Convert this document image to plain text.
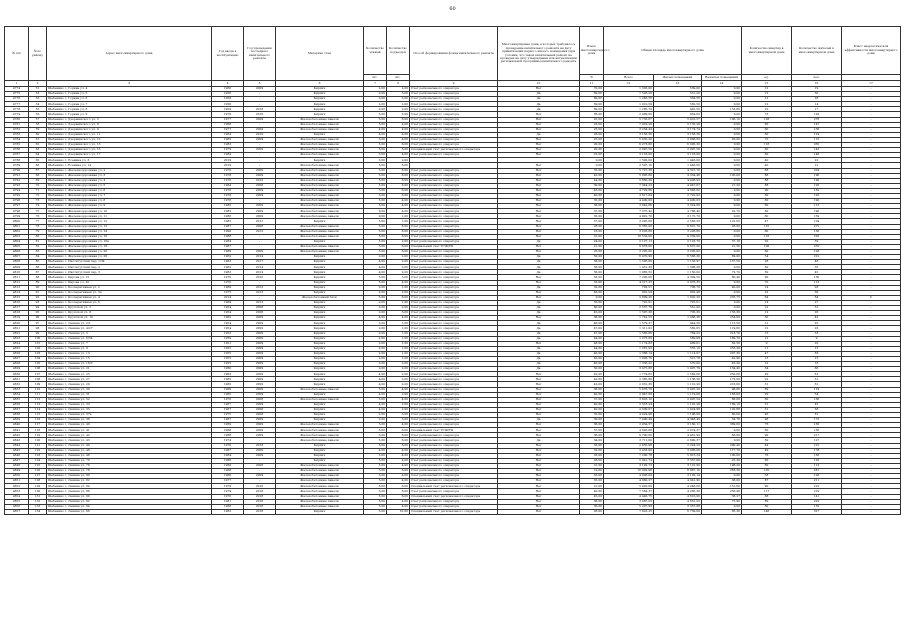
60
№ п/п	№ по району	Адрес многоквартирного дома	Год ввода в эксплуатацию	Год проведения последнего капитального ремонта	Материал стен	Количество этажей	Количество подъездов	Способ формирования фонда капитального ремонта	Многоквартирные дома, в которых требовалось проведение капитального ремонта на дату приватизации первого жилого помещения (при условии, что такой капитальный ремонт не проведен на дату утверждения или актуализации региональной программы капитального ремонта	Износ многоквартирного дома	Общая площадь многоквартирного дома			Количество квартир в многоквартирном доме	Количество жителей в многоквартирном доме	Класс энергетической эффективности многоквартирного дома
						шт.	шт.			%	Всего	Жилых помещений	Нежилых помещений	ед.	чел.	
1	2	3	4	5	6	7	8	9	10	11	12	13	14	15	16	17
4774	51	Шебекино г, Горина ул, 4	1960	2009	Кирпич	2,00	2,00	Счет регионального оператора	Нет	70,00	1 305,00	539,00	0,00	12	19	-
4775	52	Шебекино г, Горина ул, 5	1956	-	Кирпич	2,00	3,00	Счет регионального оператора	Да	69,00	1 503,20	551,20	0,00	12	30	-
4776	53	Шебекино г, Горина ул, 6	1956	-	Кирпич	2,00	2,00	Счет регионального оператора	Да	69,00	1 246,56	584,56	0,00	12	28	-
4777	54	Шебекино г, Горина ул, 7	1956	-	Кирпич	2,00	2,00	Счет регионального оператора	Да	69,00	1 010,59	582,50	0,00	12	14	-
4778	55	Шебекино г, Горина ул, 8	1959	2018	Кирпич	2,00	2,00	Счет регионального оператора	Да	69,00	1 285,70	445,50	153,80	10	17	-
4779	56	Шебекино г, Горина ул, 9	1976	2016	Кирпич	3,00	2,00	Счет регионального оператора	Нет	36,00	2 489,00	954,00	0,00	73	120	-
4780	57	Шебекино г, Дзержинского ул, 5	1977	2009	Железобетонные панели	5,00	6,00	Счет регионального оператора	Нет	25,00	5 735,87	5 431,57	106,10	128	278	-
4781	58	Шебекино г, Дзержинского ул, 8	1968	-	Железобетонные панели	5,00	4,00	Счет регионального оператора	Нет	23,00	7 022,20	5 135,20	0,00	60	147	-
4782	59	Шебекино г, Дзержинского ул, 9	1977	2009	Железобетонные панели	4,00	4,00	Счет регионального оператора	Нет	23,00	3 234,44	3 174,74	0,00	60	136	-
4783	60	Шебекино г, Дзержинского ул, 11	1964	2010	Кирпич	4,00	4,00	Счет регионального оператора	Да	26,00	3 163,30	3 163,30	0,00	60	124	-
4784	61	Шебекино г, Дзержинского ул, 12	1965	2009	Железобетонные панели	5,00	4,00	Счет регионального оператора	Нет	25,00	5 035,20	3 998,83	26,00	70	115	-
4785	62	Шебекино г, Дзержинского ул, 13	1983	-	Железобетонные панели	5,00	6,00	Счет регионального оператора	Нет	20,00	6 273,60	6 095,30	0,00	118	265	-
4786	63	Шебекино г, Дзержинского ул, 15	1979	2009	Железобетонные панели	5,00	5,00	Специальный счет регионального оператора	Нет	20,00	2 097,50	2 097,50	0,00	60	143	-
4787	64	Шебекино г, Дзержинского ул, 17	1984	-	Железобетонные панели	5,00	4,00	Счет регионального оператора	Нет	22,00	3 118,00	3 118,00	0,00	60	148	-
4788	65	Шебекино г, Есенина ул, 3	2019	-	Кирпич	3,00	2,00			0,00	1 592,00	1 446,00	0,00	40	22	-
4789	66	Шебекино г, Есенина ул, 14	2019	-	Железобетонные панели	5,00	6,00		Нет	0,00	2 597,10	1 446,00	0,00	40	12	-
4790	67	Шебекино г, Железнодорожная ул, 2	1976	2009	Железобетонные панели	5,00	6,00	Счет регионального оператора	Нет	33,00	5 727,36	4 321,70	0,00	88	204	-
4791	68	Шебекино г, Железнодорожная ул, 3	1976	2009	Железобетонные панели	5,00	6,00	Счет регионального оператора	Нет	43,00	5 895,80	4 334,46	105,00	88	190	-
4792	69	Шебекино г, Железнодорожная ул, 4	1976	2010	Железобетонные панели	5,00	6,00	Счет регионального оператора	Нет	44,00	5 860,39	4 408,93	0,00	88	190	-
4793	70	Шебекино г, Железнодорожная ул, 5	1984	2008	Железобетонные панели	5,00	6,00	Счет регионального оператора	Нет	39,00	7 344,23	4 447,07	21,20	88	192	-
4794	71	Шебекино г, Железнодорожная ул, 6	1976	2009	Железобетонные панели	5,00	6,00	Счет регионального оператора	Нет	43,00	4 729,89	4 346,62	0,00	90	182	-
4795	72	Шебекино г, Железнодорожная ул, 7	1978	2009	Железобетонные панели	5,00	6,00	Счет регионального оператора	Нет	40,00	3 617,84	2 722,93	0,00	60	125	-
4796	73	Шебекино г, Железнодорожная ул, 8	1978	-	Железобетонные панели	5,00	4,00	Счет регионального оператора	Нет	35,00	4 400,00	4 400,03	0,00	80	190	-
4797	74	Шебекино г, Железнодорожная ул, 9	1982	2009	Железобетонные панели	5,00	4,00	Счет регионального оператора	Нет	36,00	3 042,86	3 324,60	0,00	60	113	-
4798	75	Шебекино г, Железнодорожная ул, 10	1982	2009	Железобетонные панели	9,00	4,00	Счет регионального оператора	Нет	37,00	7 375,42	4 786,40	22,70	60	196	-
4799	76	Шебекино г, Железнодорожная ул, 11	1986	2009	Железобетонные панели	9,00	1,00	Счет регионального оператора	Нет	35,00	4 991,70	3 175,70	0,00	60	159	-
4800	77	Шебекино г, Железнодорожная ул, 12	1982	2013	Кирпич	5,00	1,00	Счет регионального оператора	Нет	37,00	3 005,80	2 563,33	101,00	47	104	-
4801	78	Шебекино г, Железнодорожная ул, 13	1987	2008	Железобетонные панели	5,00	6,00	Счет регионального оператора	Нет	28,00	6 365,00	6 601,70	28,00	110	275	-
4802	79	Шебекино г, Железнодорожная ул, 14	1990	2012	Железобетонные панели	5,00	6,00	Счет регионального оператора	Нет	18,00	3 226,80	3 226,80	0,00	60	158	-
4803	80	Шебекино г, Железнодорожная ул, 16	1988	-	Железобетонные панели	5,00	6,00	Счет регионального оператора	Нет	31,00	10 532,00	6 339,00	0,00	118	226	-
4804	81	Шебекино г, Железнодорожная ул, 16а	1984	-	Кирпич	5,00	2,00	Счет регионального оператора	Да	24,00	2 127,13	2 123,70	57,16	20	59	-
4805	82	Шебекино г, Железнодорожная ул, 18	1987	-	Железобетонные панели	5,00	6,00	Специальный счет ТСЖ/УК	Нет	21,00	6 878,00	6 637,00	21,50	108	235	-
4806	83	Шебекино г, Железнодорожная ул, 20	1989	2009	Железобетонные панели	5,00	6,00	Счет регионального оператора	Нет	25,00	3 205,00	3 205,00	0,00	60	128	-
4807	84	Шебекино г, Железнодорожная ул, 26	1962	2014	Кирпич	2,00	2,00	Счет регионального оператора	Да	50,00	6 470,90	6 568,30	69,00	54	212	-
4808	85	Шебекино г, Институтский пер, 1/34	1963	2017	Кирпич	4,00	2,00	Счет регионального оператора	Да	36,00	1 595,80	1 133,97	137,50	28	48	-
4809	86	Шебекино г, Институтский пер, 2	1962	2014	Кирпич	4,00	2,00	Счет регионального оператора	Да	56,00	1 451,38	1 396,38	0,00	30	55	-
4810	87	Шебекино г, Институтский пер, 3	1963	2014	Кирпич	4,00	2,00	Счет регионального оператора	Да	56,00	1 985,52	1 150,00	72,70	30	45	-
4811	88	Шебекино г, Кирова ул, 15	1970	2010	Кирпич	5,00	3,00	Счет регионального оператора	Нет	33,00	7 200,00	4 394,50	80,40	90	130	-
4812	89	Шебекино г, Кирова ул, 20	1970	-	Кирпич	5,00	4,00	Счет регионального оператора	Нет	33,00	4 217,23	3 976,35	0,00	70	113	-
4813	90	Шебекино г, Кооперативная ул, 2	1969	2013	Кирпич	2,00	1,00	Счет регионального оператора	Да	32,00	792,51	706,70	40,00	14	28	-
4814	91	Шебекино г, Кооперативная ул, 3а	1975	2013	Кирпич	2,00	2,00	Счет регионального оператора	Нет	46,00	991,54	902,46	0,00	22	36	-
4815	92	Шебекино г, Кооперативная ул, 4	2014	-	Железобетонный блок	5,00	6,00	Счет регионального оператора	Нет	0,00	2 809,20	1 802,20	255,75	64	64	C
4816	93	Шебекино г, Кооперативная ул, 6	1969	2013	Кирпич	2,00	1,00	Счет регионального оператора	Да	55,00	791,91	725,01	0,00	14	27	-
4817	94	Шебекино г, Крупской ул, 2	1954	2008	Кирпич	2,00	2,00	Счет регионального оператора	Да	60,00	2 557,79	561,90	0,00	12	31	-
4818	95	Шебекино г, Крупской ул, 8	1954	2008	Кирпич	2,00	3,00	Счет регионального оператора	Да	45,00	1 597,30	705,30	155,30	12	26	-
4819	96	Шебекино г, Крупской ул, 10	1962	2009	Кирпич	4,00	4,00	Счет регионального оператора	Нет	36,00	1 742,53	1 368,38	254,90	30	42	-
4820	97	Шебекино г, Ленина ул, 2/1	1954	2009	Кирпич	2,00	1,00	Счет регионального оператора	Да	46,00	1 579,37	444,20	113,50	11	25	-
4821	98	Шебекино г, Ленина ул, 4/27	1954	2009	Кирпич	2,00	1,00	Счет регионального оператора	Да	47,00	1 311,02	582,65	119,80	12	23	-
4822	99	Шебекино г, Ленина ул, 5	1953	2009	Кирпич	2,00	1,00	Счет регионального оператора	Да	47,00	1 585,89	764,22	213,70	13	33	-
4823	100	Шебекино г, Ленина ул, 6/34	1959	2009	Кирпич	2,00	1,00	Счет регионального оператора	Да	44,00	1 275,69	569,99	169,70	12	9	-
4824	101	Шебекино г, Ленина ул, 7	1951	2009	Кирпич	2,00	1,00	Счет регионального оператора	Нет	48,00	1 174,83	489,61	62,50	9	20	-
4825	102	Шебекино г, Ленина ул, 9	1955	2009	Кирпич	2,00	1,00	Счет регионального оператора	Да	44,00	1 281,93	555,10	253,30	11	13	-
4826	103	Шебекино г, Ленина ул, 13	1955	2009	Кирпич	2,00	1,00	Счет регионального оператора	Да	46,00	1 388,14	1 114,07	207,30	47	83	-
4827	104	Шебекино г, Ленина ул, 15	1955	2009	Кирпич	2,00	1,00	Счет регионального оператора	Да	45,00	1 026,79	521,78	42,90	13	13	-
4828	105	Шебекино г, Ленина ул, 16/2	1955	2009	Кирпич	2,00	2,00	Счет регионального оператора	Да	46,00	1 336,22	570,00	45,20	12	18	-
4829	106	Шебекино г, Ленина ул, 21	1960	2009	Кирпич	2,00	2,00	Счет регионального оператора	Да	50,00	3 475,66	1 497,79	134,40	34	66	-
4830	107	Шебекино г, Ленина ул, 25	1963	2009	Кирпич	4,00	2,00	Счет регионального оператора	Нет	42,00	1 774,82	1 582,00	250,00	29	61	-
4831	108	Шебекино г, Ленина ул, 27	1965	2009	Кирпич	4,00	2,00	Счет регионального оператора	Нет	42,00	2 385,88	1 138,50	172,00	22	51	-
4832	109	Шебекино г, Ленина ул, 29	1965	2009	Кирпич	4,00	2,00	Счет регионального оператора	Нет	42,00	2 031,36	1 110,20	216,00	31	61	-
4833	110	Шебекино г, Ленина ул, 30	1969	2009	Железобетонные панели	5,00	4,00	Счет регионального оператора	Нет	36,00	5 476,76	3 497,20	96,80	89	119	-
4834	111	Шебекино г, Ленина ул, 31	1965	2009	Кирпич	4,00	2,00	Счет регионального оператора	Нет	40,00	2 947,06	1 119,00	163,00	29	54	-
4835	112	Шебекино г, Ленина ул, 32	1970	2008	Железобетонные панели	5,00	4,00	Счет регионального оператора	Нет	37,00	3 623,10	2 497,54	66,60	60	136	-
4836	113	Шебекино г, Ленина ул, 33	1967	2009	Кирпич	4,00	2,00	Счет регионального оператора	Нет	40,00	2 318,24	1 191,20	169,10	31	45	-
4837	114	Шебекино г, Ленина ул, 35	1967	2008	Кирпич	4,00	2,00	Счет регионального оператора	Нет	40,00	2 309,07	1 424,96	102,88	31	58	-
4838	115	Шебекино г, Ленина ул, 37а	1975	2008	Кирпич	2,00	3,00	Счет регионального оператора	Нет	35,00	4 424,96	1 196,00	80,00	46	81	-
4839	116	Шебекино г, Ленина ул, 38	1967	2009	Кирпич	2,00	3,00	Счет регионального оператора	Да	39,00	7 490,49	4 348,45	54,78	98	172	-
4840	117	Шебекино г, Ленина ул, 40	1969	2009	Железобетонные панели	5,00	4,00	Счет регионального оператора	Нет	36,00	3 934,57	3 160,11	369,00	76	136	-
4841	118	Шебекино г, Ленина ул, 41	1968	2009	Железобетонные панели	5,00	6,00	Специальный счет ТСЖ/УК	Нет	37,00	4 603,88	3 974,37	0,00	60	156	-
4842	119	Шебекино г, Ленина ул, 42	1968	2009	Железобетонные панели	5,00	6,00	Счет регионального оператора	Нет	36,00	6 700,00	4 481,90	63,00	90	217	-
4843	120	Шебекино г, Ленина ул, 43	1974	-	Железобетонные панели	5,00	6,00	Счет регионального оператора	Да	34,00	3 711,60	2 690,37	0,00	59	127	-
4844	121	Шебекино г, Ленина ул, 44	1970	2018	Кирпич	5,00	6,00	Счет регионального оператора	Нет	33,00	2 955,98	2 224,23	290,40	44	101	-
4845	122	Шебекино г, Ленина ул, 46	1987	2009	Кирпич	4,00	4,00	Счет регионального оператора	Нет	32,00	3 433,00	3 006,00	117,70	49	178	-
4846	123	Шебекино г, Ленина ул, 48	1984	2009	Кирпич	5,00	4,00	Счет регионального оператора	Нет	33,00	7 200,78	5 915,34	100,00	76	156	-
4847	124	Шебекино г, Ленина ул, 70	1986	-	Кирпич	5,00	4,00	Счет регионального оператора	Нет	28,00	5 041,74	3 357,60	25,30	60	126	-
4848	125	Шебекино г, Ленина ул, 76	1966	2008	Железобетонные панели	5,00	4,00	Счет регионального оператора	Нет	31,00	3 192,73	3 101,90	198,20	80	113	-
4849	126	Шебекино г, Ленина ул, 78	1968	-	Железобетонные панели	5,00	6,00	Счет регионального оператора	Нет	19,00	10 002,98	6 987,10	283,30	105	281	-
4850	127	Шебекино г, Ленина ул, 80	1966	2009	Железобетонные панели	5,00	4,00	Счет регионального оператора	Нет	33,00	4 093,09	3 102,14	0,00	58	128	-
4851	128	Шебекино г, Ленина ул, 82	1977	-	Железобетонные панели	5,00	4,00	Счет регионального оператора	Нет	35,00	4 960,27	4 341,90	38,00	87	211	-
4852	129	Шебекино г, Ленина ул, 84	1979	2016	Железобетонные панели	5,00	6,00	Специальный счет регионального оператора	Нет	21,00	5 420,09	4 248,00	151,60	90	210	-
4853	130	Шебекино г, Ленина ул, 86	1979	2016	Железобетонные панели	5,00	6,00	Счет регионального оператора	Нет	40,00	7 564,37	4 285,30	256,40	117	219	-
4854	131	Шебекино г, Ленина ул, 90	1970	2018	Железобетонные панели	5,00	6,00	Специальный счет регионального оператора	Нет	45,00	4 446,75	4 616,00	36,27	88	141	-
4855	132	Шебекино г, Ленина ул, 92	1981	2018	Железобетонные панели	5,00	4,00	Счет регионального оператора	Нет	36,00	3 087,63	4 631,02	75,90	89	222	-
4856	133	Шебекино г, Ленина ул, 94	1988	2018	Железобетонные панели	5,00	4,00	Счет регионального оператора	Нет	36,00	5 207,99	3 357,88	0,00	60	155	-
4857	134	Шебекино г, Ленина ул, 96	1982	2018	Кирпич	3,00	10,00	Специальный счет регионального оператора	Нет	28,00	7 623,25	6 739,06	85,30	148	327	-
